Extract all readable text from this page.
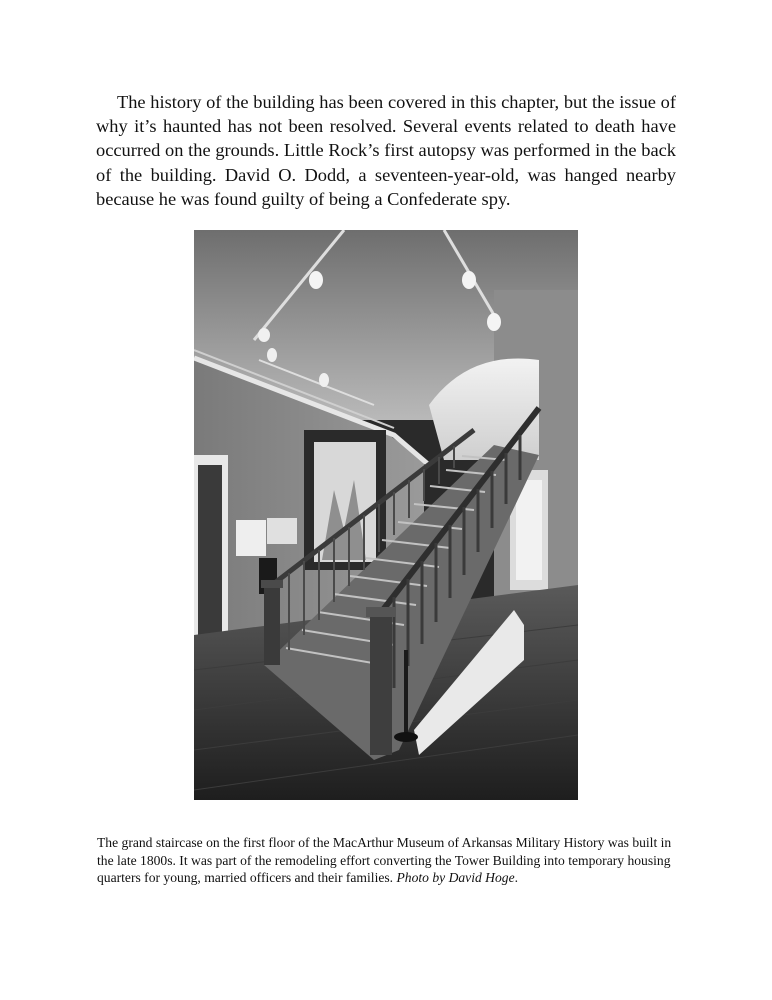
The history of the building has been covered in this chapter, but the issue of why it’s haunted has not been resolved. Several events related to death have occurred on the grounds. Little Rock’s first autopsy was performed in the back of the building. David O. Dodd, a seventeen-year-old, was hanged nearby because he was found guilty of being a Confederate spy.

The grand staircase on the first floor of the MacArthur Museum of Arkansas Military History was built in the late 1800s. It was part of the remodeling effort converting the Tower Building into temporary housing quarters for young, married officers and their families. Photo by David Hoge.
